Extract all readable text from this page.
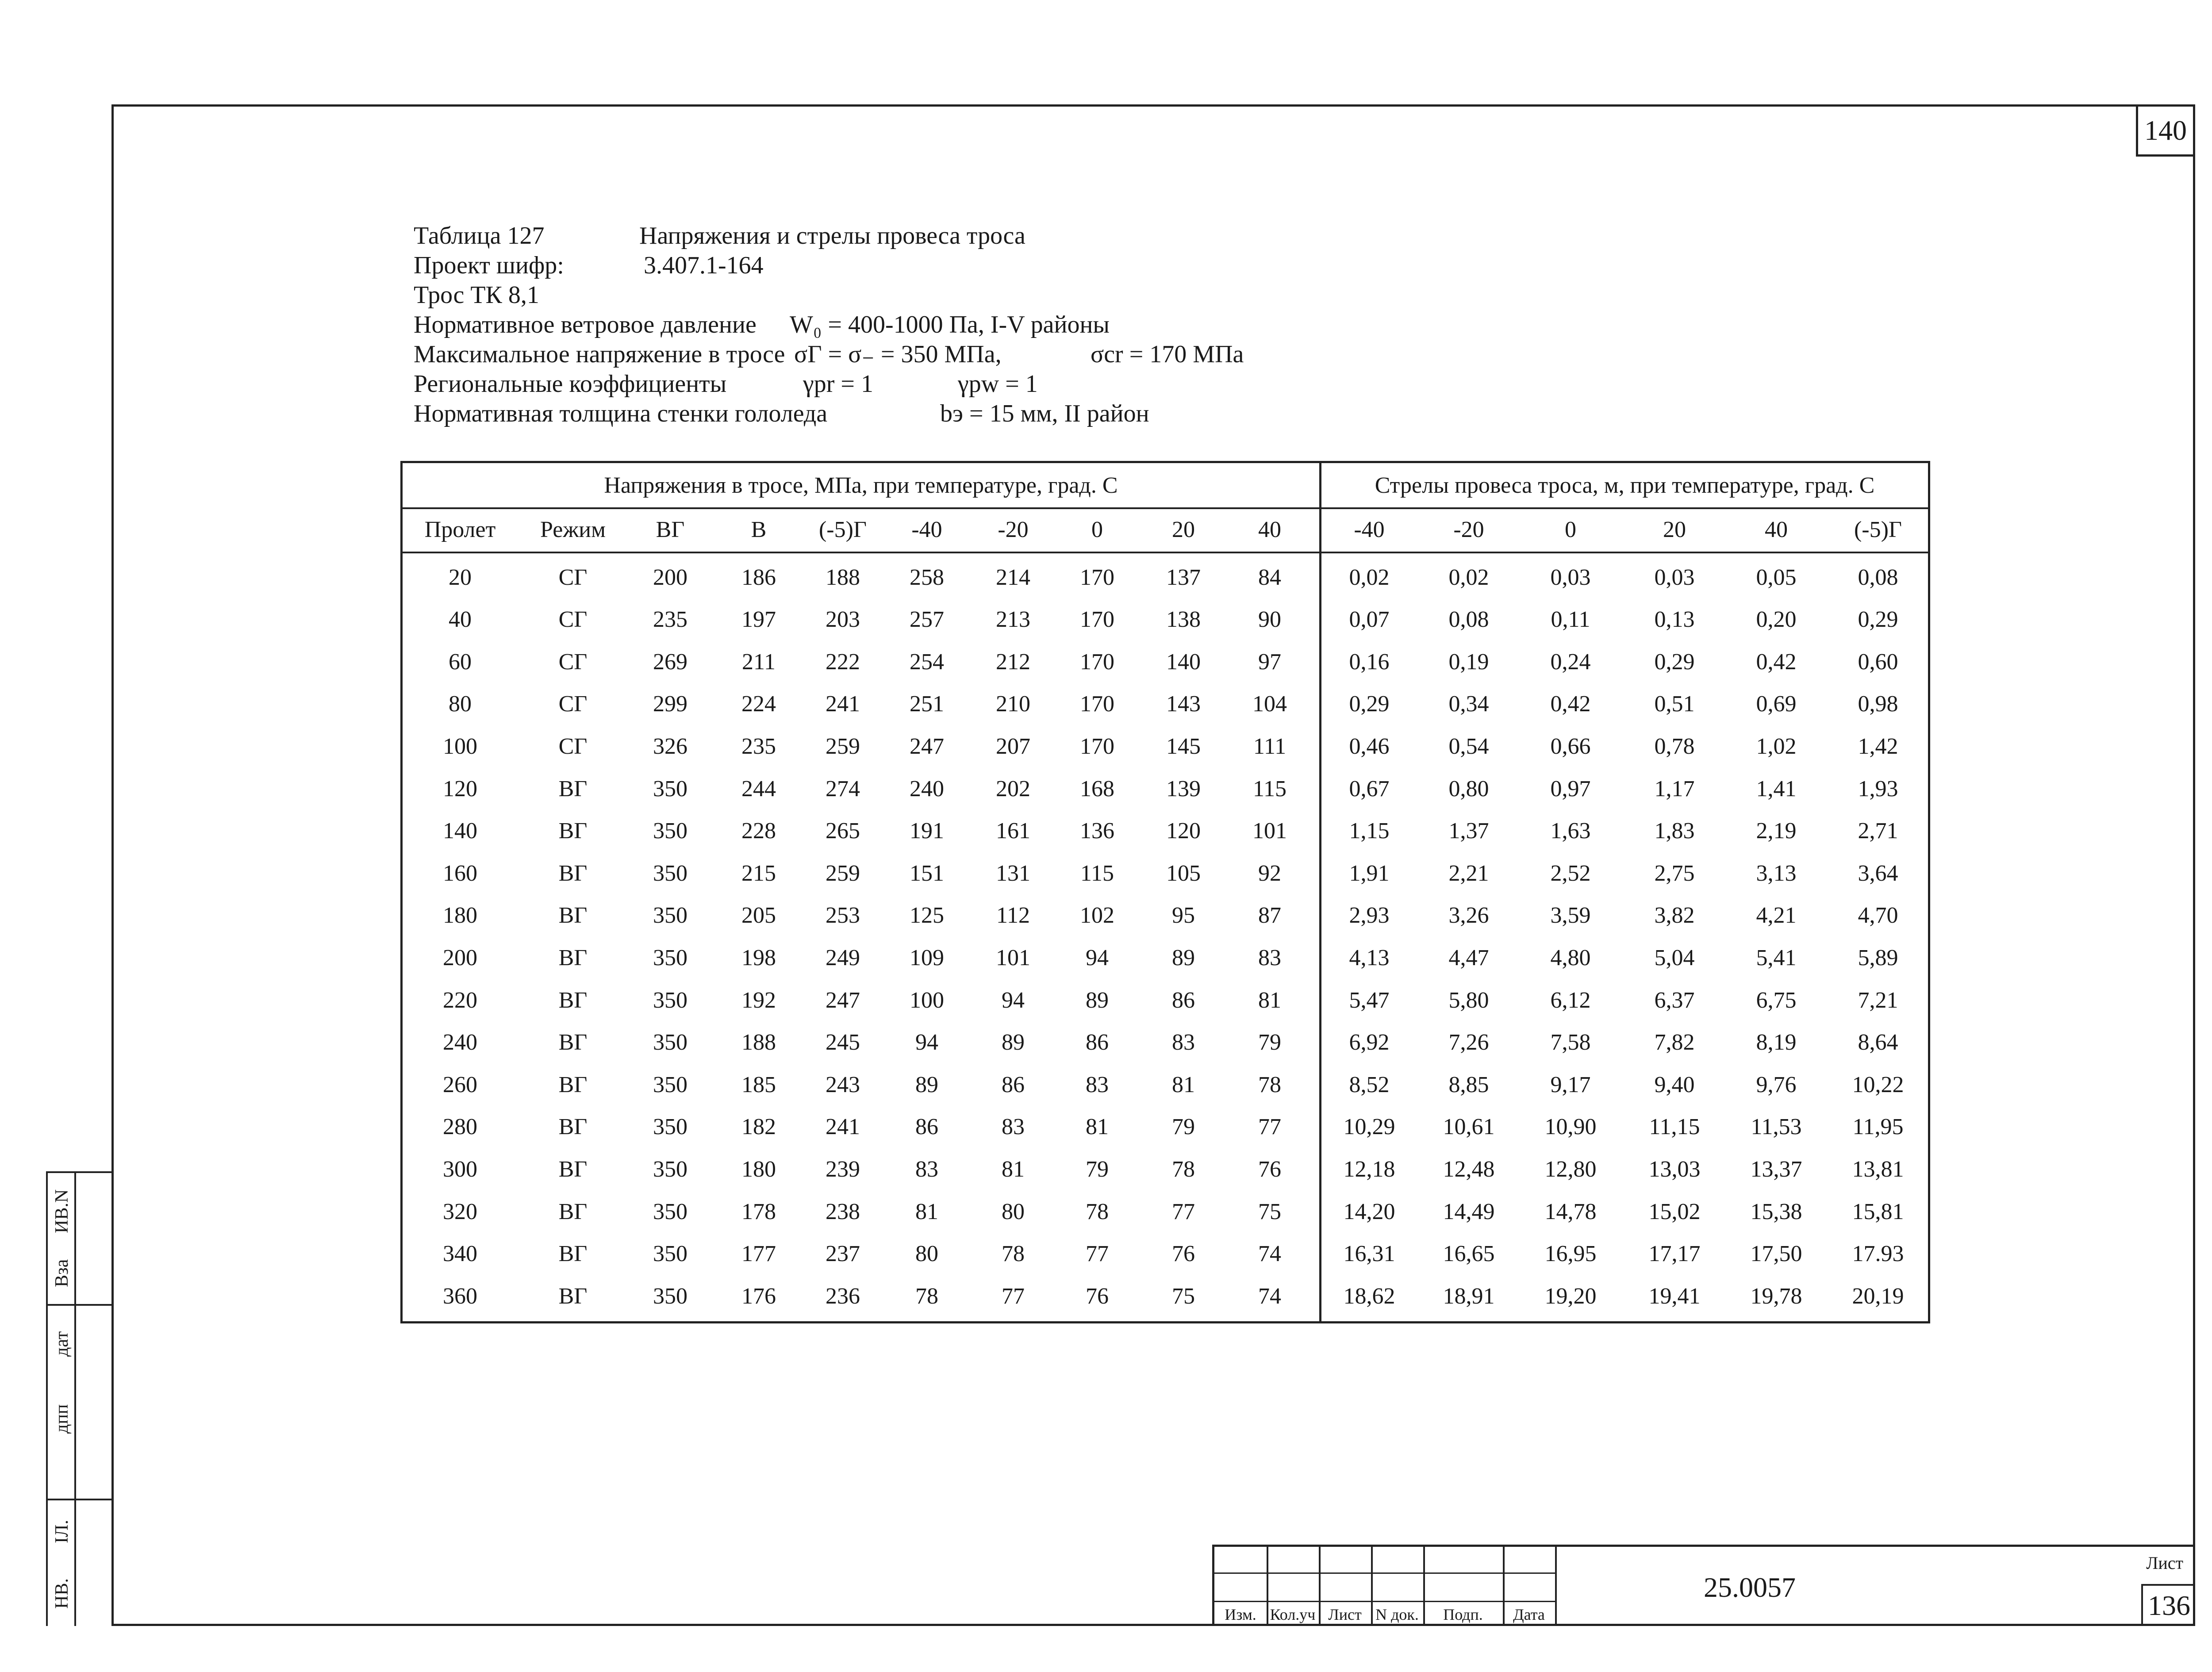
140
ИВ.N
Вза
дат
дпп
ІЛ.
НВ.
Таблица 127	Напряжения и стрелы провеса троса
Проект шифр:	3.407.1-164
Трос ТК 8,1
Нормативное ветровое давление W₀ = 400-1000 Па, I-V районы
Максимальное напряжение в тросе σΓ = σ₋ = 350 МПа,	σcr = 170 МПа
Региональные коэффициенты	γpr = 1	γpw = 1
Нормативная толщина стенки гололеда	bэ = 15 мм, II район
Напряжения в тросе, МПа, при температуре, град. С	Стрелы провеса троса, м, при температуре, град. С
Пролет	Режим	ВГ	В	(-5)Г	-40	-20	0	20	40	-40	-20	0	20	40	(-5)Г
20	СГ	200	186	188	258	214	170	137	84	0,02	0,02	0,03	0,03	0,05	0,08
40	СГ	235	197	203	257	213	170	138	90	0,07	0,08	0,11	0,13	0,20	0,29
60	СГ	269	211	222	254	212	170	140	97	0,16	0,19	0,24	0,29	0,42	0,60
80	СГ	299	224	241	251	210	170	143	104	0,29	0,34	0,42	0,51	0,69	0,98
100	СГ	326	235	259	247	207	170	145	111	0,46	0,54	0,66	0,78	1,02	1,42
120	ВГ	350	244	274	240	202	168	139	115	0,67	0,80	0,97	1,17	1,41	1,93
140	ВГ	350	228	265	191	161	136	120	101	1,15	1,37	1,63	1,83	2,19	2,71
160	ВГ	350	215	259	151	131	115	105	92	1,91	2,21	2,52	2,75	3,13	3,64
180	ВГ	350	205	253	125	112	102	95	87	2,93	3,26	3,59	3,82	4,21	4,70
200	ВГ	350	198	249	109	101	94	89	83	4,13	4,47	4,80	5,04	5,41	5,89
220	ВГ	350	192	247	100	94	89	86	81	5,47	5,80	6,12	6,37	6,75	7,21
240	ВГ	350	188	245	94	89	86	83	79	6,92	7,26	7,58	7,82	8,19	8,64
260	ВГ	350	185	243	89	86	83	81	78	8,52	8,85	9,17	9,40	9,76	10,22
280	ВГ	350	182	241	86	83	81	79	77	10,29	10,61	10,90	11,15	11,53	11,95
300	ВГ	350	180	239	83	81	79	78	76	12,18	12,48	12,80	13,03	13,37	13,81
320	ВГ	350	178	238	81	80	78	77	75	14,20	14,49	14,78	15,02	15,38	15,81
340	ВГ	350	177	237	80	78	77	76	74	16,31	16,65	16,95	17,17	17,50	17.93
360	ВГ	350	176	236	78	77	76	75	74	18,62	18,91	19,20	19,41	19,78	20,19
Изм. Кол.уч Лист N док.	Подп.	Дата
25.0057
Лист
136
